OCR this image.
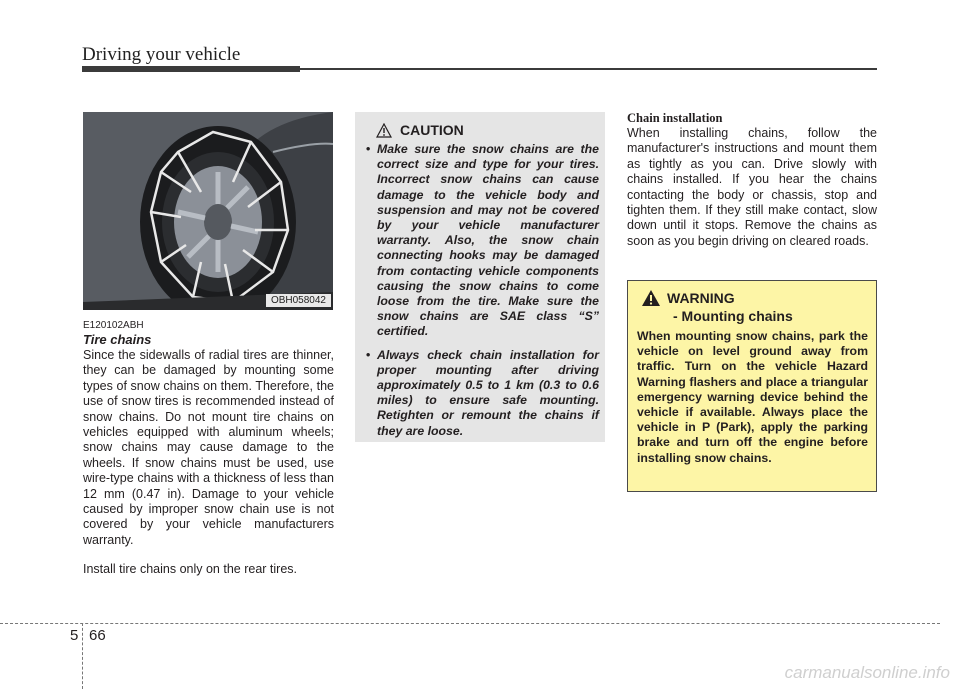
Driving your vehicle
OBH058042
E120102ABH
Tire chains

Since the sidewalls of radial tires are thinner, they can be damaged by mounting some types of snow chains on them. Therefore, the use of snow tires is recommended instead of snow chains. Do not mount tire chains on vehicles equipped with aluminum wheels; snow chains may cause damage to the wheels. If snow chains must be used, use wire-type chains with a thickness of less than 12 mm (0.47 in). Damage to your vehicle caused by improper snow chain use is not covered by your vehicle manufacturers warranty.

Install tire chains only on the rear tires.

CAUTION
• Make sure the snow chains are the correct size and type for your tires. Incorrect snow chains can cause damage to the vehicle body and suspension and may not be covered by your vehicle manufacturer warranty. Also, the snow chain connecting hooks may be damaged from contacting vehicle components causing the snow chains to come loose from the tire. Make sure the snow chains are SAE class “S” certified.
• Always check chain installation for proper mounting after driving approximately 0.5 to 1 km (0.3 to 0.6 miles) to ensure safe mounting. Retighten or remount the chains if they are loose.
Chain installation

When installing chains, follow the manufacturer's instructions and mount them as tightly as you can. Drive slowly with chains installed. If you hear the chains contacting the body or chassis, stop and tighten them. If they still make contact, slow down until it stops. Remove the chains as soon as you begin driving on cleared roads.

WARNING
- Mounting chains

When mounting snow chains, park the vehicle on level ground away from traffic. Turn on the vehicle Hazard Warning flashers and place a triangular emergency warning device behind the vehicle if available. Always place the vehicle in P (Park), apply the parking brake and turn off the engine before installing snow chains.

5 66
carmanualsonline.info
